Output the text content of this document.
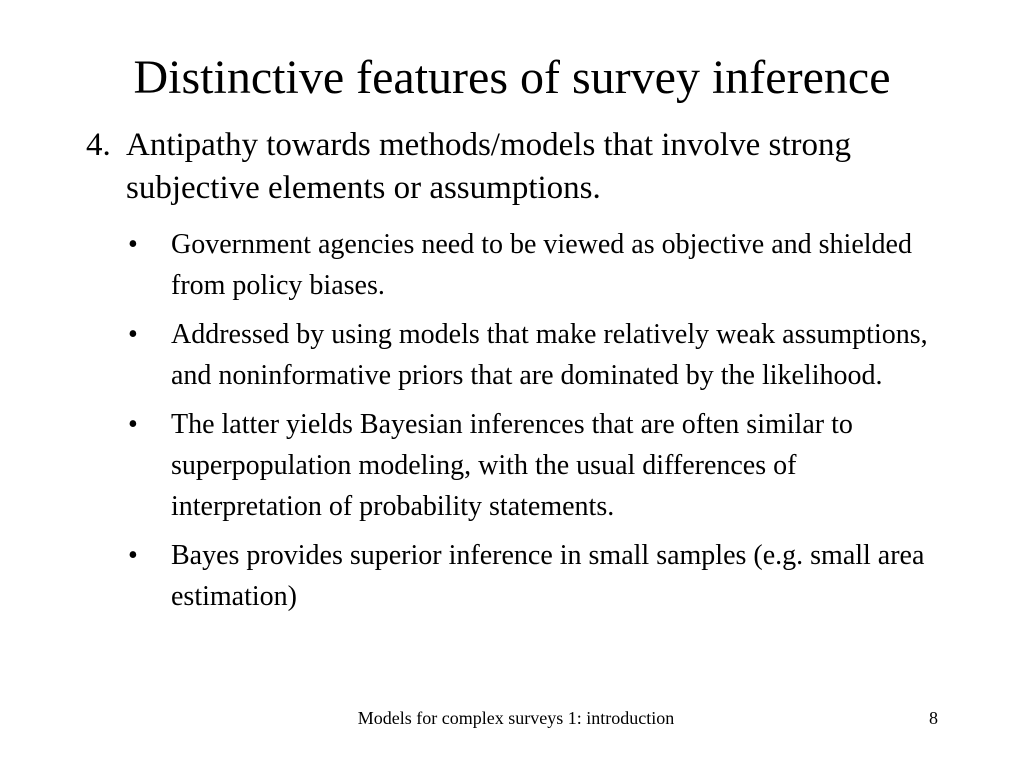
Distinctive features of survey inference
4. Antipathy towards methods/models that involve strong subjective elements or assumptions.
• Government agencies need to be viewed as objective and shielded from policy biases.
• Addressed by using models that make relatively weak assumptions, and noninformative priors that are dominated by the likelihood.
• The latter yields Bayesian inferences that are often similar to superpopulation modeling, with the usual differences of interpretation of probability statements.
• Bayes provides superior inference in small samples (e.g. small area estimation)
Models for complex surveys 1: introduction	8
